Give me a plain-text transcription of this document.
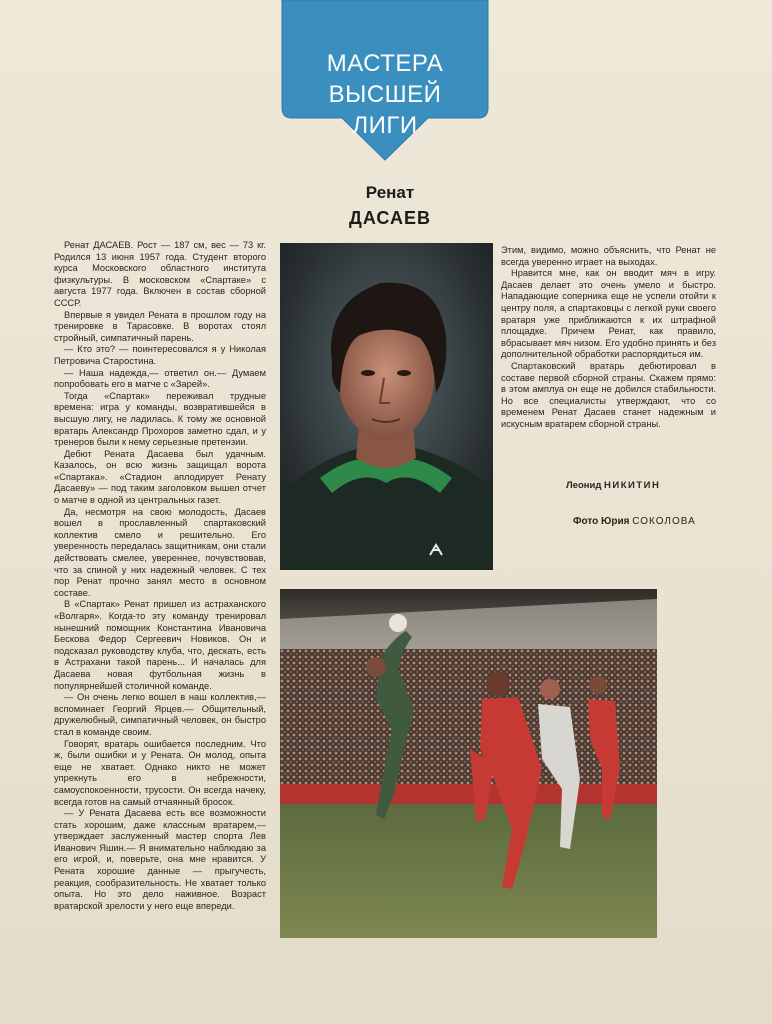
МАСТЕРА
ВЫСШЕЙ
ЛИГИ
Ренат
ДАСАЕВ

Ренат ДАСАЕВ. Рост — 187 см, вес — 73 кг. Родился 13 июня 1957 года. Студент второго курса Московского областного института физкультуры. В московском «Спартаке» с августа 1977 года. Включен в состав сборной СССР.

Впервые я увидел Рената в прошлом году на тренировке в Тарасовке. В воротах стоял стройный, симпатичный парень.

— Кто это? — поинтересовался я у Николая Петровича Старостина.

— Наша надежда,— ответил он.— Думаем попробовать его в матче с «Зарей».

Тогда «Спартак» переживал трудные времена: игра у команды, возвратившейся в высшую лигу, не ладилась. К тому же основной вратарь Александр Прохоров заметно сдал, и у тренеров были к нему серьезные претензии.

Дебют Рената Дасаева был удачным. Казалось, он всю жизнь защищал ворота «Спартака». «Стадион аплодирует Ренату Дасаеву» — под таким заголовком вышел отчет о матче в одной из центральных газет.

Да, несмотря на свою молодость, Дасаев вошел в прославленный спартаковский коллектив смело и решительно. Его уверенность передалась защитникам, они стали действовать смелее, увереннее, почувствовав, что за спиной у них надежный человек. С тех пор Ренат прочно занял место в основном составе.

В «Спартак» Ренат пришел из астраханского «Волгаря». Когда-то эту команду тренировал нынешний помощник Константина Ивановича Бескова Федор Сергеевич Новиков. Он и подсказал руководству клуба, что, дескать, есть в Астрахани такой парень... И началась для Дасаева новая футбольная жизнь в популярнейшей столичной команде.

— Он очень легко вошел в наш коллектив,— вспоминает Георгий Ярцев.— Общительный, дружелюбный, симпатичный человек, он быстро стал в команде своим.

Говорят, вратарь ошибается последним. Что ж, были ошибки и у Рената. Он молод, опыта еще не хватает. Однако никто не может упрекнуть его в небрежности, самоуспокоенности, трусости. Он всегда начеку, всегда готов на самый отчаянный бросок.

— У Рената Дасаева есть все возможности стать хорошим, даже классным вратарем,— утверждает заслуженный мастер спорта Лев Иванович Яшин.— Я внимательно наблюдаю за его игрой, и, поверьте, она мне нравится. У Рената хорошие данные — прыгучесть, реакция, сообразительность. Не хватает только опыта. Но это дело наживное. Возраст вратарской зрелости у него еще впереди.

Этим, видимо, можно объяснить, что Ренат не всегда уверенно играет на выходах.

Нравится мне, как он вводит мяч в игру. Дасаев делает это очень умело и быстро. Нападающие соперника еще не успели отойти к центру поля, а спартаковцы с легкой руки своего вратаря уже приближаются к их штрафной площадке. Причем Ренат, как правило, вбрасывает мяч низом. Его удобно принять и без дополнительной обработки распорядиться им.

Спартаковский вратарь дебютировал в составе первой сборной страны. Скажем прямо: в этом амплуа он еще не добился стабильности. Но все специалисты утверждают, что со временем Ренат Дасаев станет надежным и искусным вратарем сборной страны.

Леонид НИКИТИН
Фото Юрия СОКОЛОВА
